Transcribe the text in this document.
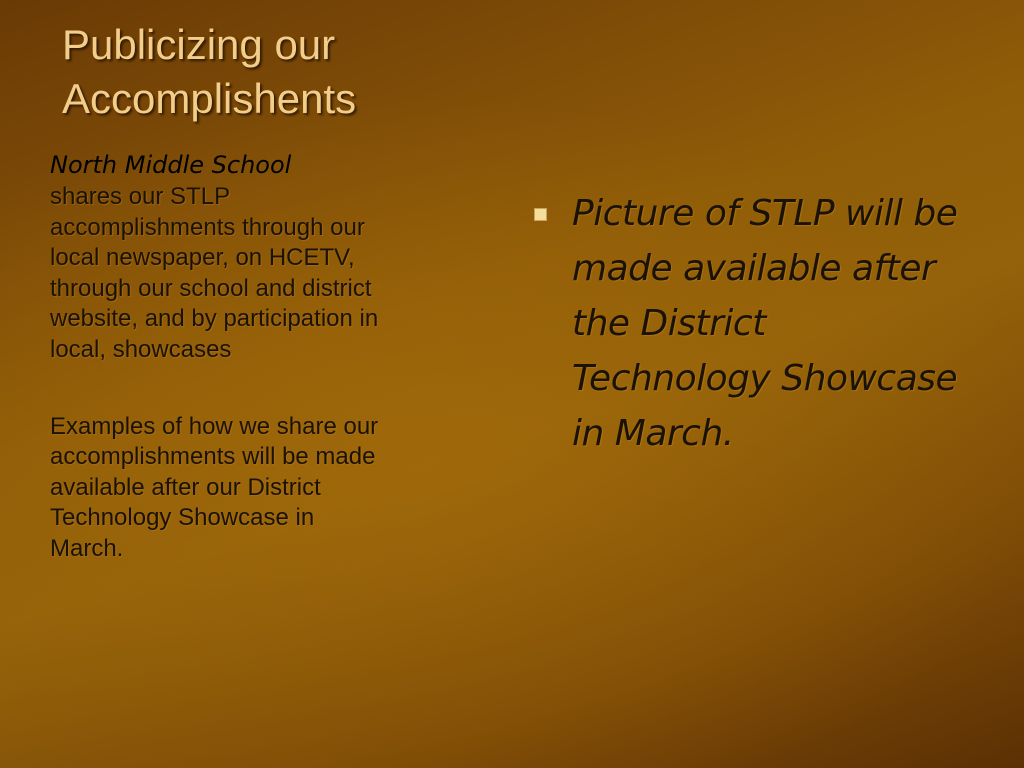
Publicizing our
Accomplishents

North Middle School
shares our STLP accomplishments through our local newspaper, on HCETV, through our school and district website, and by participation in local, showcases

Examples of how we share our accomplishments will be made available after our District Technology Showcase in March.

Picture of STLP will be made available after the District Technology Showcase in March.
